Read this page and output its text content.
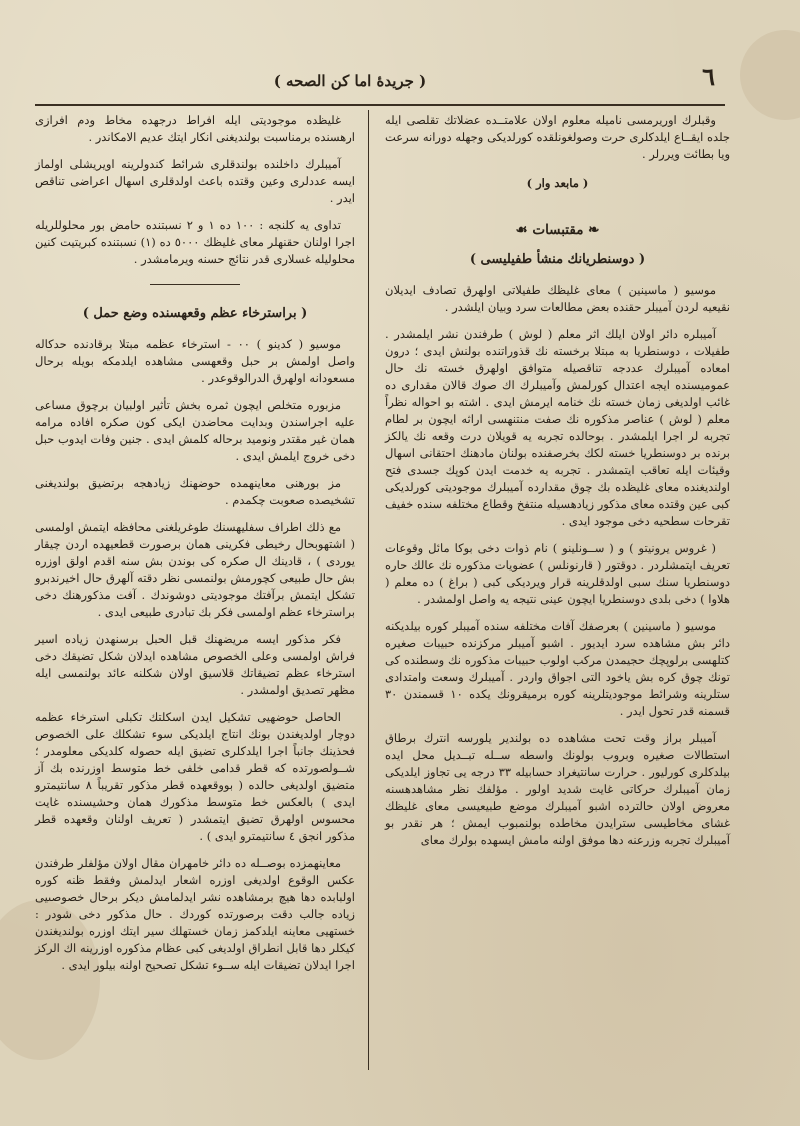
٦
( جريدهٔ اما كن الصحه )

وقبلرك اوريرمسى ناميله معلوم اولان علامتــده عضلاتك تقلصى ايله جلده ايقــاع ايلدكلرى حرت وصولغونلقده كورلديكى وجهله دورانه سرعت ويا بطائت ويررلر .

( مابعد وار )
❧ مقتبسات ☙
( دوسنطريانك منشأ طفيليسى )

موسيو ( ماسينين ) معاى غليظك طفيلاتى اولهرق تصادف ايديلان نقيعيه لردن آميبلر حقنده بعض مطالعات سرد وبيان ايلشدر .

آميبلره دائر اولان ايلك اثر معلم ( لوش ) طرفندن نشر ايلمشدر . طفيلات ، دوسنطريا به مبتلا برخسته نك قذوراتنده بولنش ايدى ؛ درون امعاده آميبلرك عددجه تناقصيله متوافق اولهرق خسته نك حال عموميسنده ايجه اعتدال كورلمش وآميبلرك اك صوك قالان مقدارى ده غائب اولديغى زمان خسته نك خنامه ايرمش ايدى . اشته بو احواله نظراً معلم ( لوش ) عناصر مذكوره نك صفت منتنهسى اراثه ايچون بر لطام تجربه لر اجرا ايلمشدر . بوحالده تجربه يه قويلان درت وقعه نك يالكز برنده بر دوسنطريا خسته لكك بخرصفنده بولنان مادهنك احتقانى اسهال وقيئات ايله تعاقب ايتمشدر . تجربه يه خدمت ايدن كوپك جسدى فتح اولنديغنده معاى غليظده بك چوق مقدارده آميبلرك موجوديتى كورلديكى كبى عين وقتده معاى مذكور زيادهسيله منتفخ وقطاع مختلفه سنده خفيف تقرحات سطحيه دخى موجود ايدى .

( غروس يرونيتو ) و ( ســونلينو ) نام ذوات دخى بوكا مائل وقوعات تعريف ايتمشلردر . دوقتور ( قارنونلس ) عضويات مذكوره نك عالك حاره دوسنطريا سنك سبى اولدقلرينه قرار ويرديكى كبى ( براغ ) ده معلم ( هلاوا ) دخى بلدى دوسنطريا ايچون عينى نتيجه يه واصل اولمشدر .

موسيو ( ماسينين ) بعرصفك آفات مختلفه سنده آميبلر كوره بيلديكنه دائر بش مشاهده سرد ايديور . اشبو آميبلر مركزنده حبيبات صغيره كتلهسى برلوپچك حجيمدن مركب اولوب حبيبات مذكوره نك وسطنده كى تونك چوق كره بش ياخود التى اجواق واردر . آميبلرك وسعت وامتدادى ستلرينه وشرائط موجوديتلرينه كوره برميقرونك يكده ١٠ قسمندن ٣٠ قسمنه قدر تحول ايدر .

آميبلر براز وقت تحت مشاهده ده بولندير يلورسه انترك برطاق استطالات صغيره وبروب بولونك واسطه ســله تبــديل محل ايده بيلدكلرى كورليور . حرارت سانتيغراد حسابيله ٣٣ درجه يى تجاوز ايلديكى زمان آميبلرك حركاتى غايت شديد اولور . مؤلفك نظر مشاهدهسنه معروض اولان حالترده اشبو آميبلرك موضع طبيعيسى معاى غليظك غشاى مخاطيسى سترايدن مخاطده بولنمبوب ايمش ؛ هر نقدر بو آميبلرك تجربه وزرعنه دها موفق اولنه مامش ايسهده بولرك معاى

غليظده موجوديتى ايله افراط درجهده مخاط ودم افرازى ارهسنده برمناسبت بولنديغنى انكار ايتك عديم الامكاندر .

آميبلرك داخلنده بولندقلرى شرائط كندولرينه اويريشلى اولماز ايسه عددلرى وعين وقتده باعث اولدقلرى اسهال اعراضى تناقص ايدر .

تداوى يه كلنجه : ١٠٠ ده ١ و ٢ نسبتنده حامض بور محلوللريله اجرا اولنان حقنهلر معاى غليظك ٥٠٠٠ ده (١) نسبتنده كبريتيت كنين محلوليله غسلارى قدر نتائج حسنه ويرمامشدر .

( براسترخاء عظم وقعهسنده وضع حمل )

موسيو ( كدينو ) ٠٠ - استرخاء عظمه مبتلا برقادنده حدكاله واصل اولمش بر حبل وقعهسى مشاهده ايلدمكه بويله برحال مسعودانه اولهرق الدرالوقوعدر .

مزبوره متخلص ايچون ثمره بخش تأثير اولبيان برچوق مساعى عليه اجراسندن وبدايت محاضدن ايكى كون صكره افاده مرامه همان غير مقتدر ونوميد برحاله كلمش ايدى . جنين وفات ايدوب حبل دخى خروج ايلمش ايدى .

مز بورهنى معاينهمده حوضهنك زيادهجه برتضيق بولنديغنى تشخيصده صعوبت چكمدم .

مع ذلك اطراف سفليهسنك طوغريلغنى محافظه ايتمش اولمسى ( اشتهوبحال رخيطى فكرينى همان برصورت قطعيهده اردن چيقار يوردى ) ، قادينك ال صكره كى بوندن بش سنه اقدم اولق اوزره بش حال طبيعى كچورمش بولنمسى نظر دقته آلهرق حال اخيرندبرو تشكل ايتمش برآفتك موجوديتى دوشوندك . آفت مذكورهنك دخى براسترخاء عظم اولمسى فكر بك تبادرى طبيعى ايدى .

فكر مذكور ايسه مريضهنك قبل الحبل برسنهدن زياده اسير فراش اولمسى وعلى الخصوص مشاهده ايدلان شكل تضيقك دخى استرخاء عظم تضيقاتك قلاسيق اولان شكلنه عائد بولنمسى ايله مظهر تصديق اولمشدر .

الحاصل حوضهيى تشكيل ايدن اسكلتك تكبلى استرخاء عظمه دوچار اولديغندن بونك انتاج ايلديكى سوء تشكلك على الخصوص فحذينك جانباً اجرا ايلدكلرى تضيق ايله حصوله كلديكى معلومدر ؛ شــولصورتده كه قطر قدامى خلفى خط متوسط اوزرنده بك آز متضيق اولديغى حالده ( بووقعهده قطر مذكور تقريباً ٨ سانتيمترو ايدى ) بالعكس خط متوسط مذكورك همان وحشيسنده غايت محسوس اولهرق تضيق ايتمشدر ( تعريف اولنان وقعهده قطر مذكور انجق ٤ سانتيمترو ايدى ) .

معاينهمزده بوصــله ده دائر خامهران مقال اولان مؤلفلر طرفندن عكس الوقوع اولديغى اوزره اشعار ايدلمش وفقط ظنه كوره اولبابده دها هيچ برمشاهده نشر ايدلمامش ديكر برحال خصوصىيى زياده جالب دقت برصورتده كوردك . حال مذكور دخى شودر : خستهيى معاينه ايلدكمز زمان خستهلك سير ايتك اوزره بولنديغندن كيكلر دها قابل انطراق اولديغى كبى عظام مذكوره اوزرينه اك الركز اجرا ايدلان تضيقات ايله ســوء تشكل تصحيح اولنه بيلور ايدى .
